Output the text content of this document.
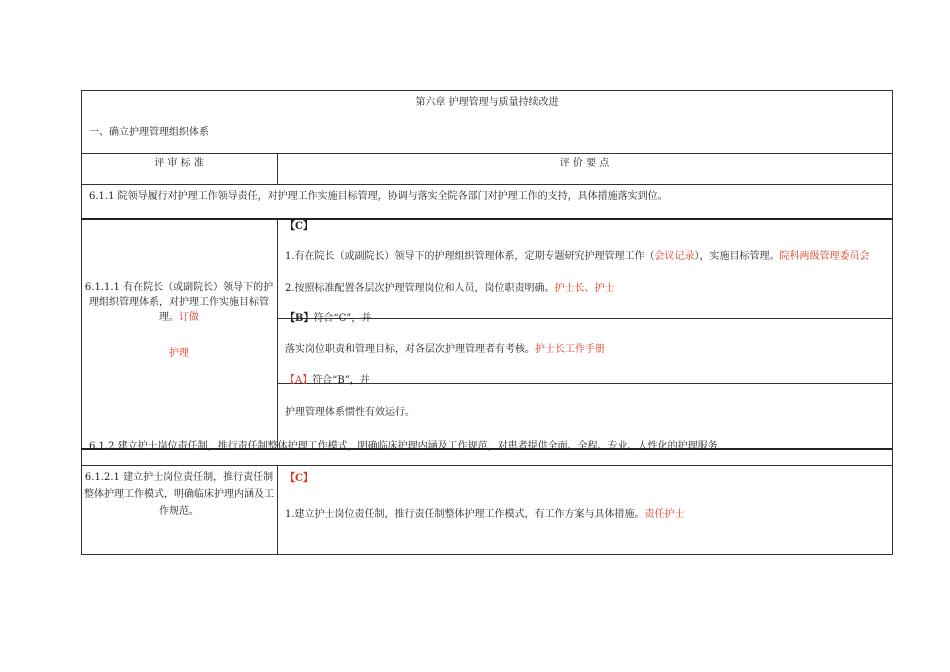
第六章 护理管理与质量持续改进
一、确立护理管理组织体系
评 审 标 准	评 价 要 点
6.1.1 院领导履行对护理工作领导责任，对护理工作实施目标管理，协调与落实全院各部门对护理工作的支持，具体措施落实到位。
6.1.1.1 有在院长（或副院长）领导下的护理组织管理体系，对护理工作实施目标管理。订做
护理
【C】
1.有在院长（或副院长）领导下的护理组织管理体系，定期专题研究护理管理工作（会议记录），实施目标管理。院科两级管理委员会
2.按照标准配置各层次护理管理岗位和人员，岗位职责明确。护士长、护士
【B】符合“C”，并
落实岗位职责和管理目标，对各层次护理管理者有考核。护士长工作手册
【A】符合“B”，并
护理管理体系惯性有效运行。
6.1.2 建立护士岗位责任制，推行责任制整体护理工作模式，明确临床护理内涵及工作规范，对患者提供全面、全程、专业、人性化的护理服务
6.1.2.1 建立护士岗位责任制，推行责任制整体护理工作模式，明确临床护理内涵及工作规范。
【C】
1.建立护士岗位责任制，推行责任制整体护理工作模式，有工作方案与具体措施。责任护士
